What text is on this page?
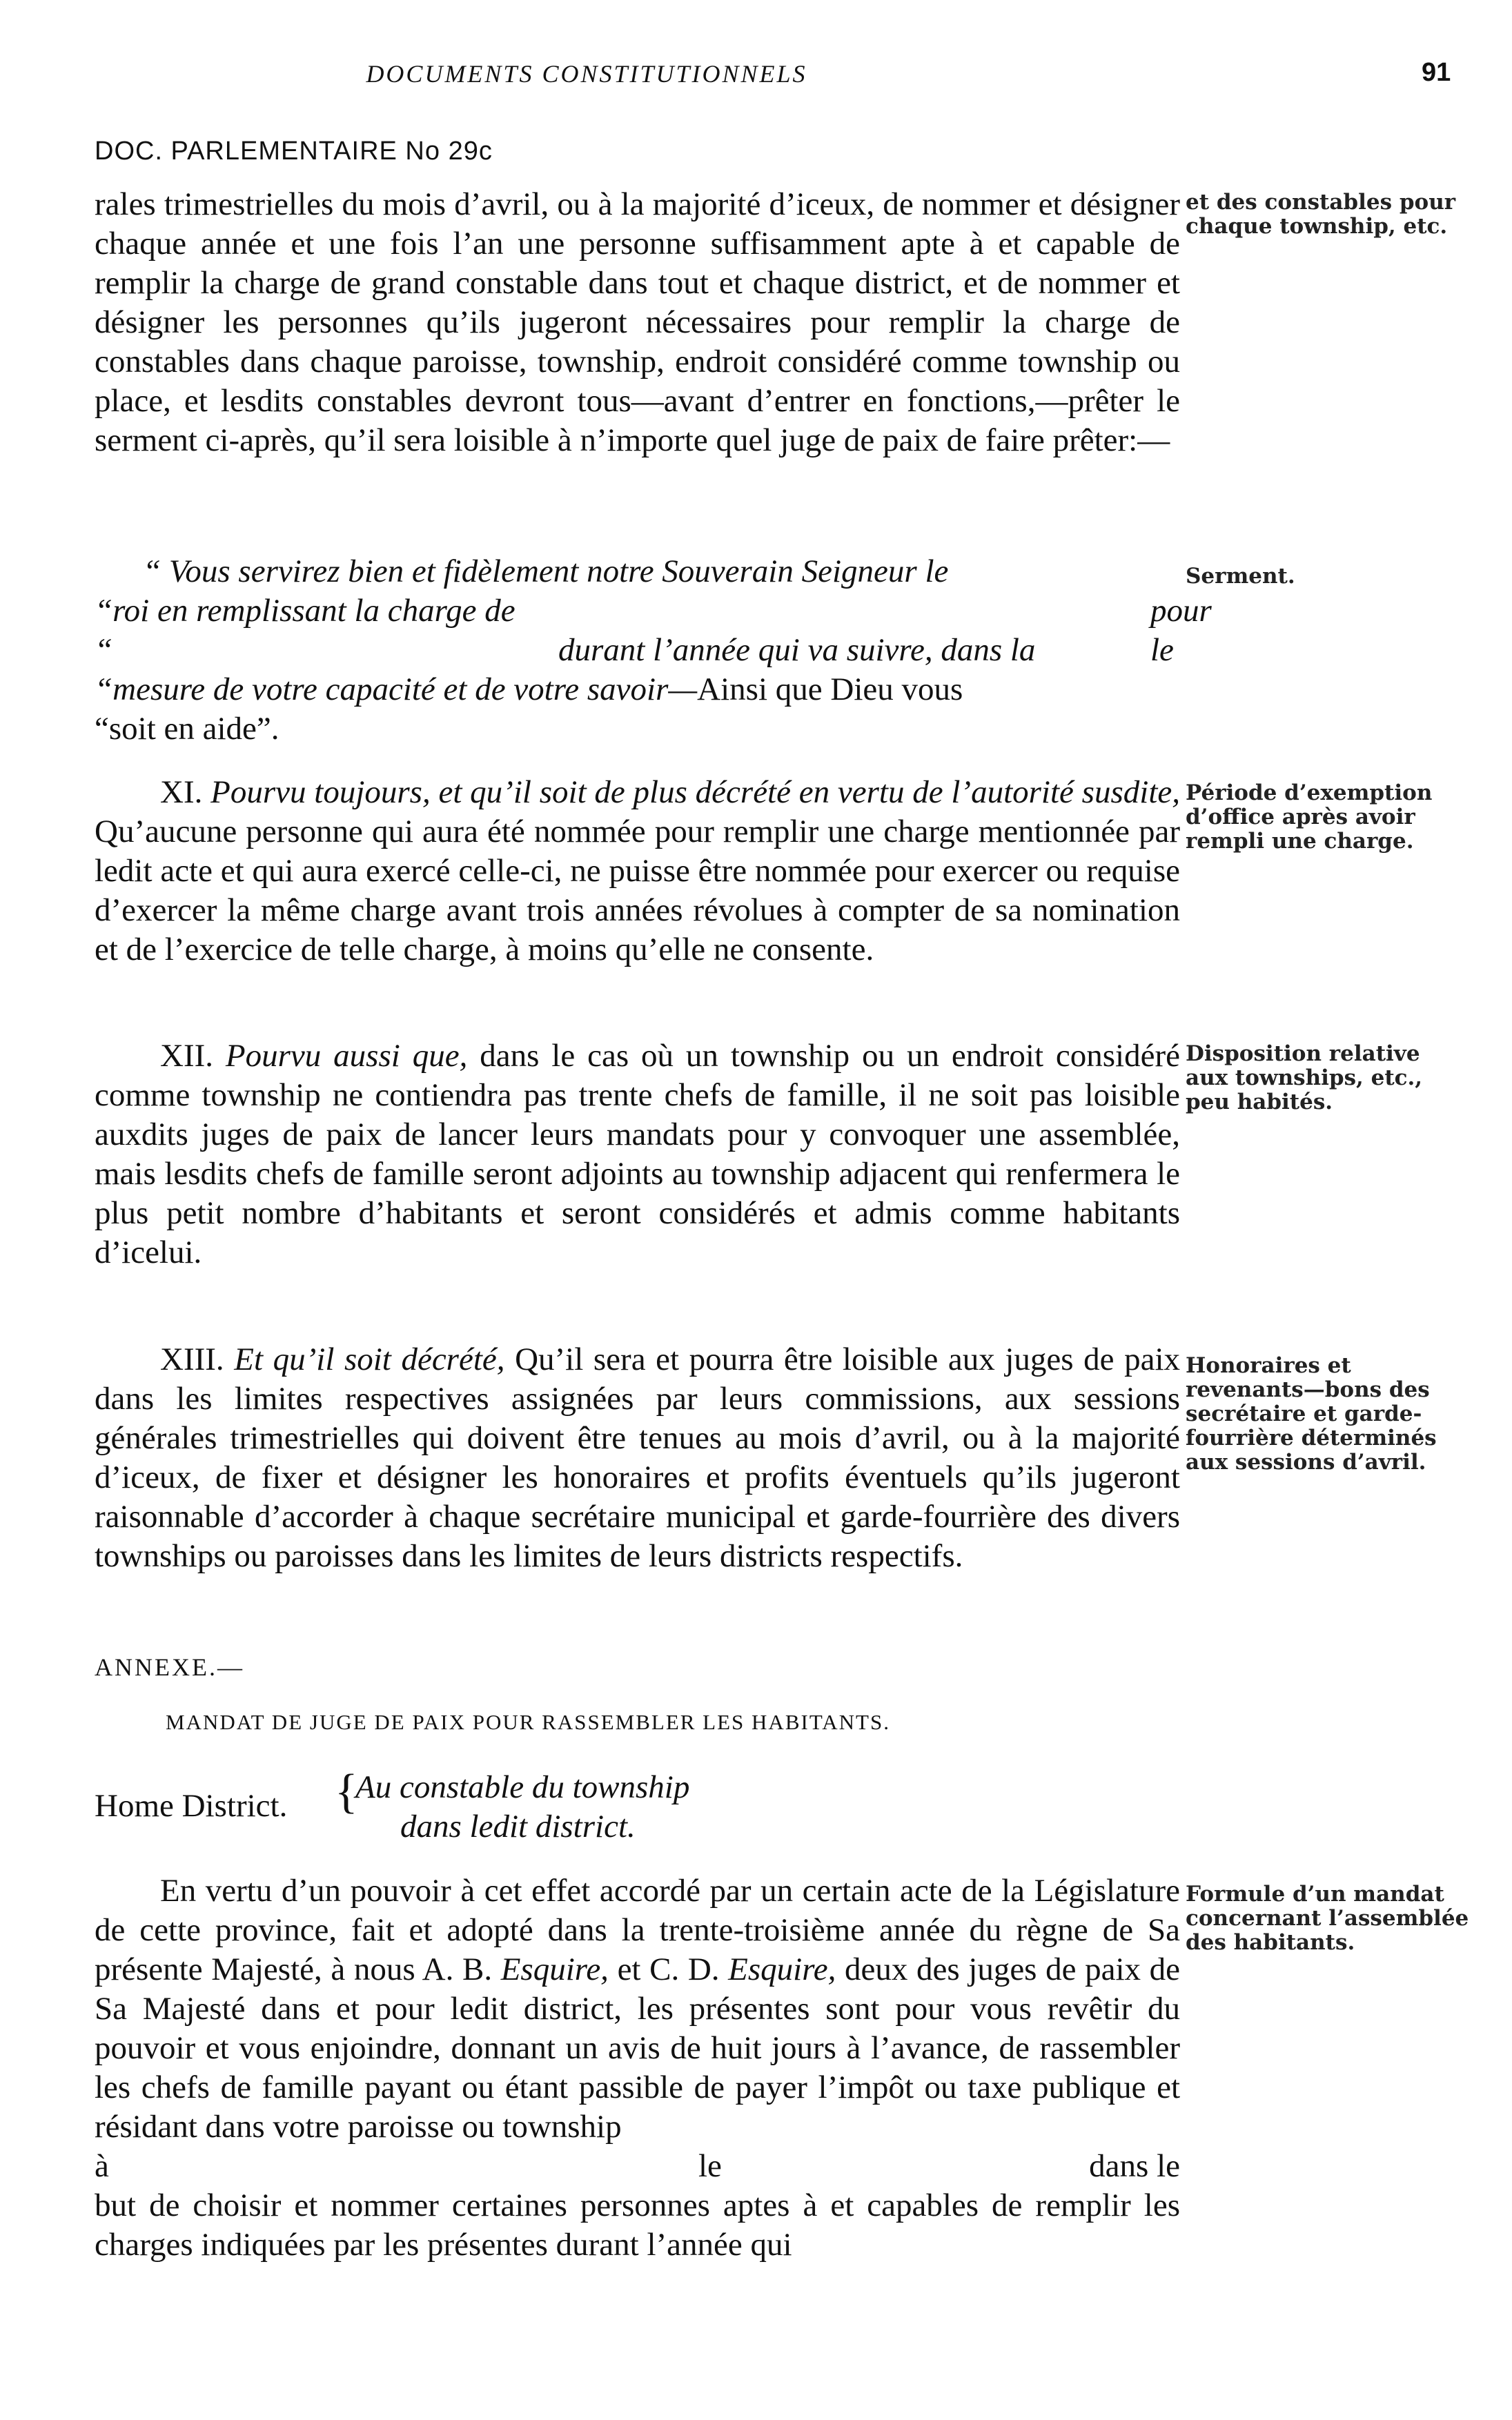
DOCUMENTS CONSTITUTIONNELS	91
DOC. PARLEMENTAIRE No 29c

rales trimestrielles du mois d’avril, ou à la majorité d’iceux, de nommer et désigner chaque année et une fois l’an une personne suffisamment apte à et capable de remplir la charge de grand constable dans tout et chaque district, et de nommer et désigner les personnes qu’ils jugeront nécessaires pour remplir la charge de constables dans chaque paroisse, township, endroit considéré comme township ou place, et lesdits constables devront tous—avant d’entrer en fonctions,—prêter le serment ci-après, qu’il sera loisible à n’importe quel juge de paix de faire prêter:—

“ Vous servirez bien et fidèlement notre Souverain Seigneur le

“roi en remplissant la charge de	pour le

“	durant l’année qui va suivre, dans la

“mesure de votre capacité et de votre savoir—Ainsi que Dieu vous

“soit en aide”.

XI. Pourvu toujours, et qu’il soit de plus décrété en vertu de l’autorité susdite, Qu’aucune personne qui aura été nommée pour remplir une charge mentionnée par ledit acte et qui aura exercé celle-ci, ne puisse être nommée pour exercer ou requise d’exercer la même charge avant trois années révolues à compter de sa nomination et de l’exercice de telle charge, à moins qu’elle ne consente.

XII. Pourvu aussi que, dans le cas où un township ou un endroit considéré comme township ne contiendra pas trente chefs de famille, il ne soit pas loisible auxdits juges de paix de lancer leurs mandats pour y convoquer une assemblée, mais lesdits chefs de famille seront adjoints au township adjacent qui renfermera le plus petit nombre d’habitants et seront considérés et admis comme habitants d’icelui.

XIII. Et qu’il soit décrété, Qu’il sera et pourra être loisible aux juges de paix dans les limites respectives assignées par leurs commissions, aux sessions générales trimestrielles qui doivent être tenues au mois d’avril, ou à la majorité d’iceux, de fixer et désigner les honoraires et profits éventuels qu’ils jugeront raisonnable d’accorder à chaque secrétaire municipal et garde-fourrière des divers townships ou paroisses dans les limites de leurs districts respectifs.

ANNEXE.—
MANDAT DE JUGE DE PAIX POUR RASSEMBLER LES HABITANTS.
Home District. {
Au constable du township
dans ledit district.

En vertu d’un pouvoir à cet effet accordé par un certain acte de la Législature de cette province, fait et adopté dans la trente-troisième année du règne de Sa présente Majesté, à nous A. B. Esquire, et C. D. Esquire, deux des juges de paix de Sa Majesté dans et pour ledit district, les présentes sont pour vous revêtir du pouvoir et vous enjoindre, donnant un avis de huit jours à l’avance, de rassembler les chefs de famille payant ou étant passible de payer l’impôt ou taxe publique et résidant dans votre paroisse ou township

à	le	dans le

but de choisir et nommer certaines personnes aptes à et capables de remplir les charges indiquées par les présentes durant l’année qui

et des constables pour chaque township, etc.
Serment.
Période d’exemption d’office après avoir rempli une charge.
Disposition relative aux townships, etc., peu habités.
Honoraires et revenants—bons des secrétaire et garde-fourrière déterminés aux sessions d’avril.
Formule d’un mandat concernant l’assemblée des habitants.
